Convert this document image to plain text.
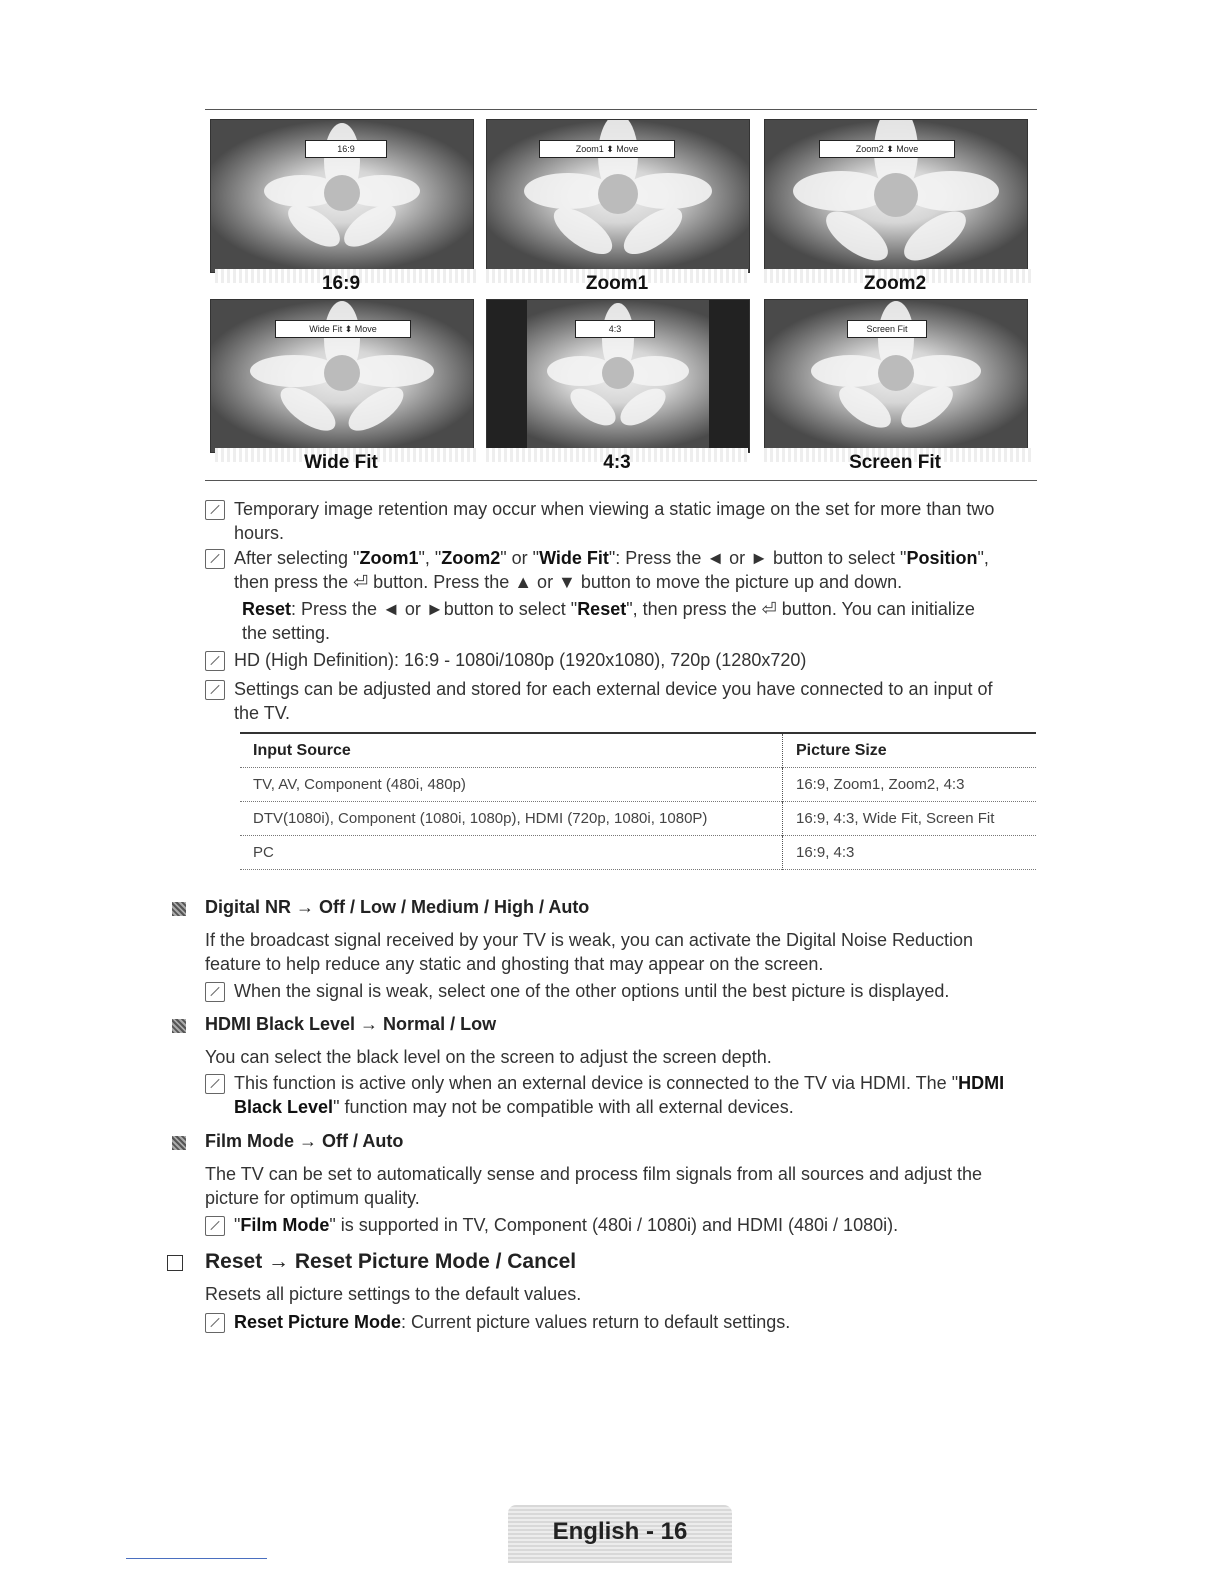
16:9	Zoom1 ⬍ Move	Zoom2 ⬍ Move
16:9	Zoom1	Zoom2
Wide Fit ⬍ Move	4:3	Screen Fit
Wide Fit	4:3	Screen Fit
Temporary image retention may occur when viewing a static image on the set for more than two
hours.
After selecting "Zoom1", "Zoom2" or "Wide Fit": Press the ◄ or ► button to select "Position",
then press the ⏎ button. Press the ▲ or ▼ button to move the picture up and down.
Reset: Press the ◄ or ►button to select "Reset", then press the ⏎ button. You can initialize
the setting.
HD (High Definition): 16:9 - 1080i/1080p (1920x1080), 720p (1280x720)
Settings can be adjusted and stored for each external device you have connected to an input of
the TV.
Input Source	Picture Size
TV, AV, Component (480i, 480p)	16:9, Zoom1, Zoom2, 4:3
DTV(1080i), Component (1080i, 1080p), HDMI (720p, 1080i, 1080P)	16:9, 4:3, Wide Fit, Screen Fit
PC	16:9, 4:3
Digital NR → Off / Low / Medium / High / Auto
If the broadcast signal received by your TV is weak, you can activate the Digital Noise Reduction
feature to help reduce any static and ghosting that may appear on the screen.
When the signal is weak, select one of the other options until the best picture is displayed.
HDMI Black Level → Normal / Low
You can select the black level on the screen to adjust the screen depth.
This function is active only when an external device is connected to the TV via HDMI. The "HDMI
Black Level" function may not be compatible with all external devices.
Film Mode → Off / Auto
The TV can be set to automatically sense and process film signals from all sources and adjust the
picture for optimum quality.
"Film Mode" is supported in TV, Component (480i / 1080i) and HDMI (480i / 1080i).
Reset → Reset Picture Mode / Cancel
Resets all picture settings to the default values.
Reset Picture Mode: Current picture values return to default settings.
English - 16
